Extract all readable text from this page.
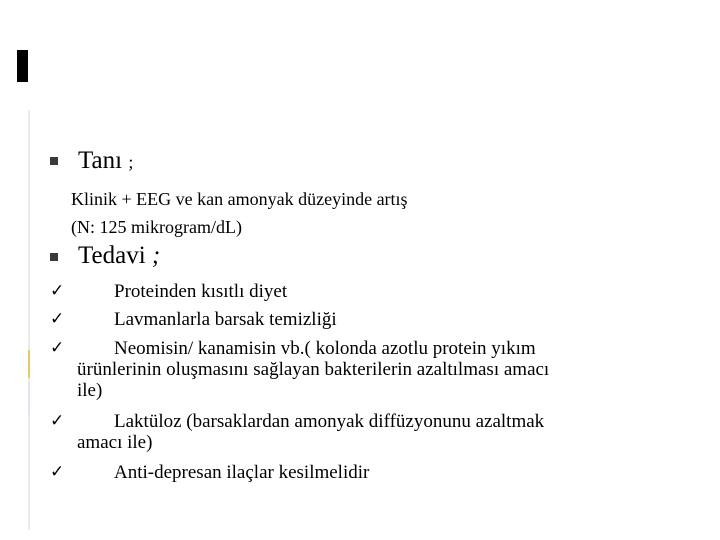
Tanı ;
Klinik + EEG ve kan amonyak düzeyinde artış
(N: 125 mikrogram/dL)
Tedavi ;
✓	Proteinden kısıtlı diyet
✓	Lavmanlarla barsak temizliği
✓	Neomisin/ kanamisin vb.( kolonda azotlu protein yıkım
ürünlerinin oluşmasını sağlayan bakterilerin azaltılması amacı
ile)
✓	Laktüloz (barsaklardan amonyak diffüzyonunu azaltmak
amacı ile)
✓	Anti-depresan ilaçlar kesilmelidir
